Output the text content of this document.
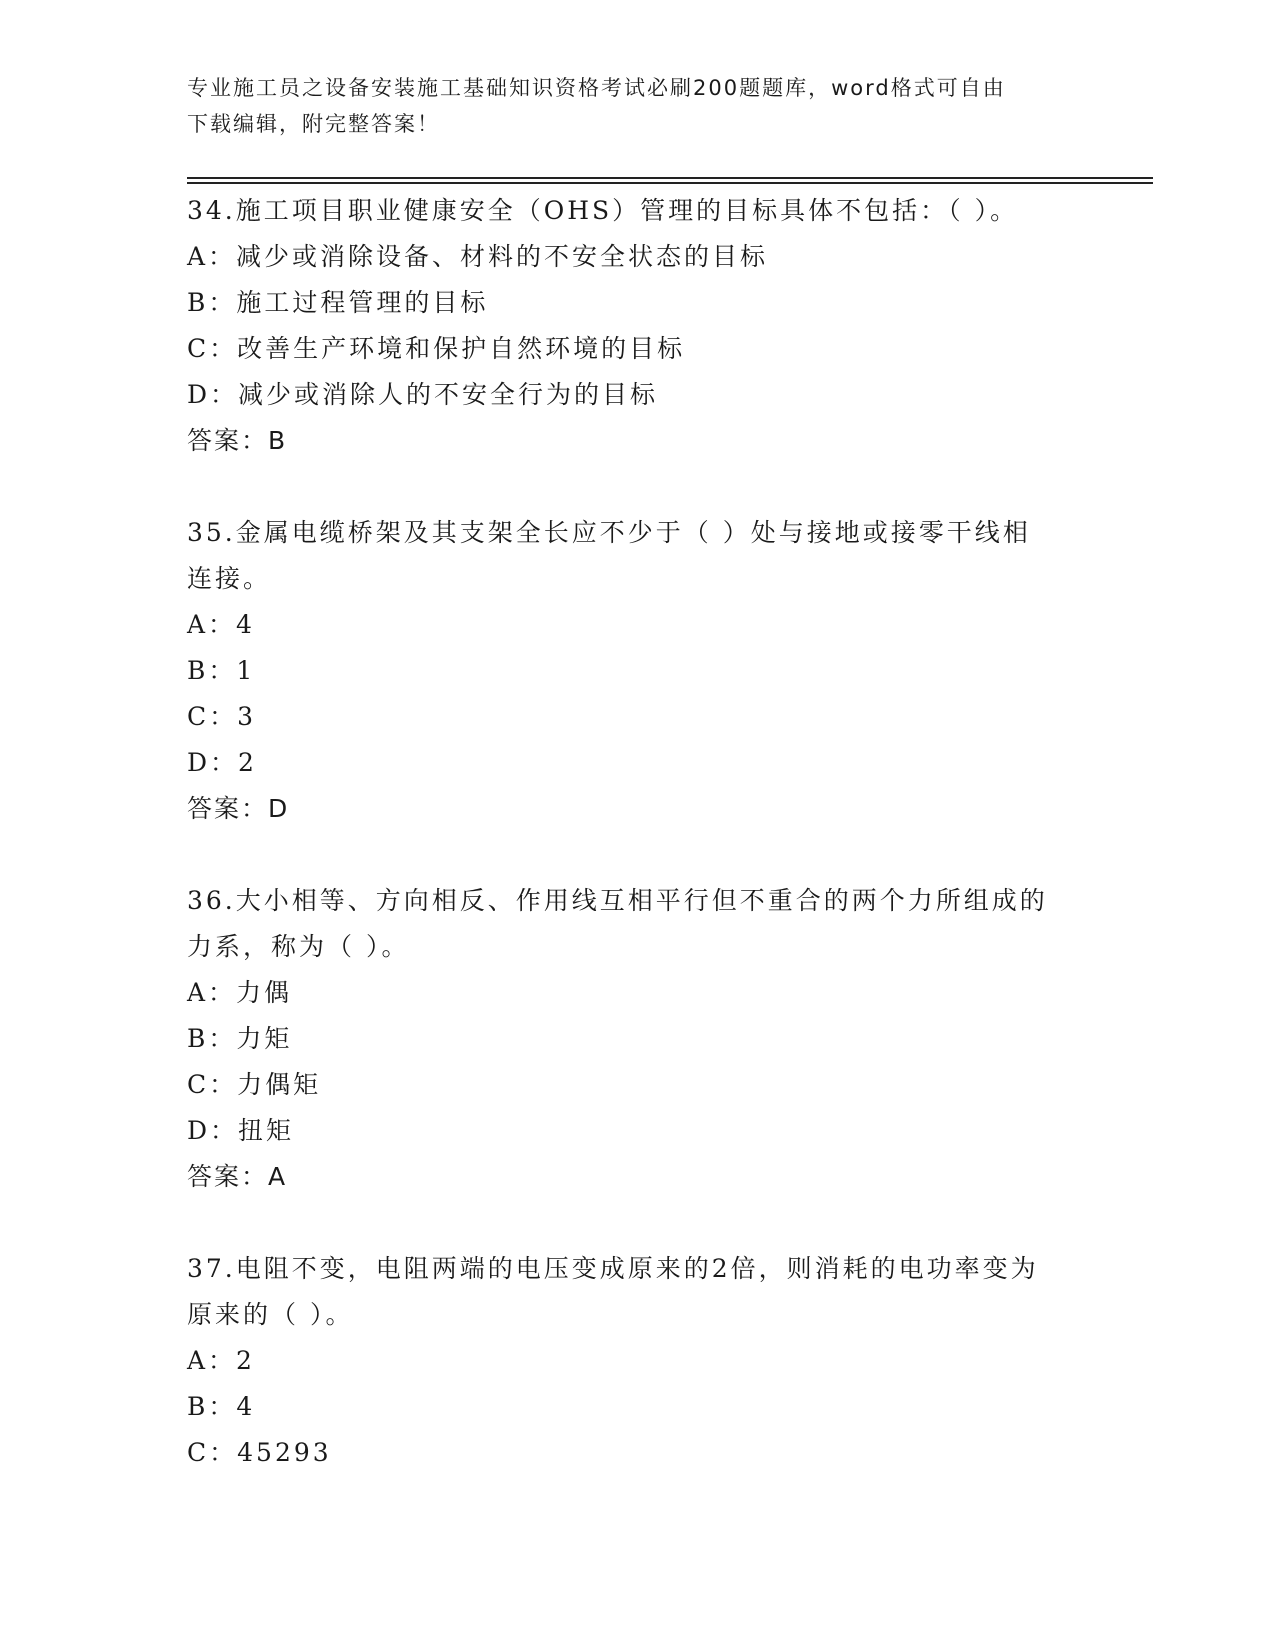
专业施工员之设备安装施工基础知识资格考试必刷200题题库，word格式可自由
下载编辑，附完整答案！
34.施工项目职业健康安全（OHS）管理的目标具体不包括：（ ）。
A：减少或消除设备、材料的不安全状态的目标
B：施工过程管理的目标
C：改善生产环境和保护自然环境的目标
D：减少或消除人的不安全行为的目标
答案：B
35.金属电缆桥架及其支架全长应不少于（ ）处与接地或接零干线相
连接。
A：4
B：1
C：3
D：2
答案：D
36.大小相等、方向相反、作用线互相平行但不重合的两个力所组成的
力系，称为（ ）。
A：力偶
B：力矩
C：力偶矩
D：扭矩
答案：A
37.电阻不变，电阻两端的电压变成原来的2倍，则消耗的电功率变为
原来的（ ）。
A：2
B：4
C：45293
